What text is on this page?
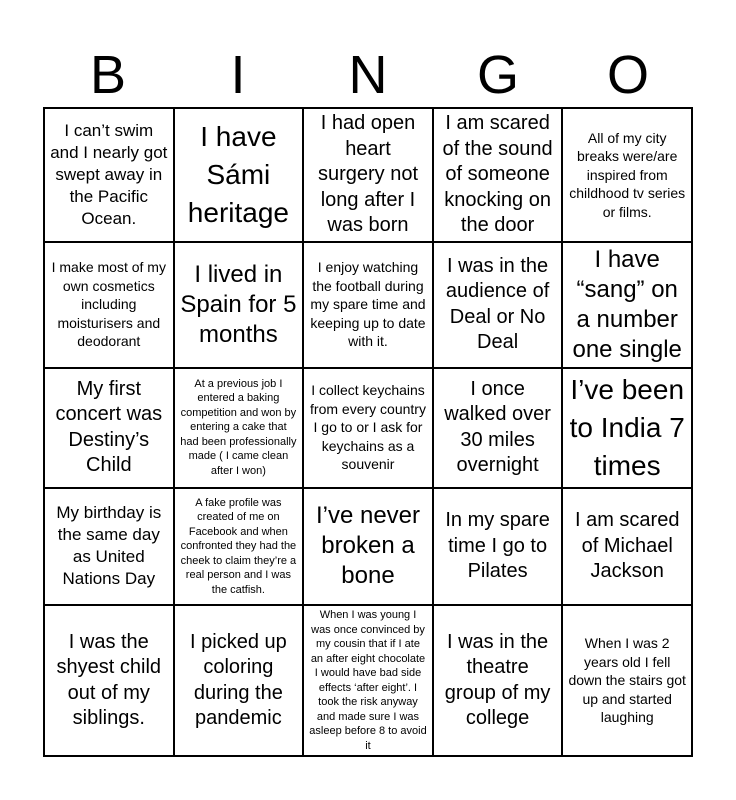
B	I	N	G	O
I can’t swim and I nearly got swept away in the Pacific Ocean.
I have Sámi heritage
I had open heart surgery not long after I was born
I am scared of the sound of someone knocking on the door
All of my city breaks were/are inspired from childhood tv series or films.
I make most of my own cosmetics including moisturisers and deodorant
I lived in Spain for 5 months
I enjoy watching the football during my spare time and keeping up to date with it.
I was in the audience of Deal or No Deal
I have “sang” on a number one single
My first concert was Destiny’s Child
At a previous job I entered a baking competition and won by entering a cake that had been professionally made ( I came clean after I won)
I collect keychains from every country I go to or I ask for keychains as a souvenir
I once walked over 30 miles overnight
I’ve been to India 7 times
My birthday is the same day as United Nations Day
A fake profile was created of me on Facebook and when confronted they had the cheek to claim they’re a real person and I was the catfish.
I’ve never broken a bone
In my spare time I go to Pilates
I am scared of Michael Jackson
I was the shyest child out of my siblings.
I picked up coloring during the pandemic
When I was young I was once convinced by my cousin that if I ate an after eight chocolate I would have bad side effects ‘after eight’. I took the risk anyway and made sure I was asleep before 8 to avoid it
I was in the theatre group of my college
When I was 2 years old I fell down the stairs got up and started laughing
